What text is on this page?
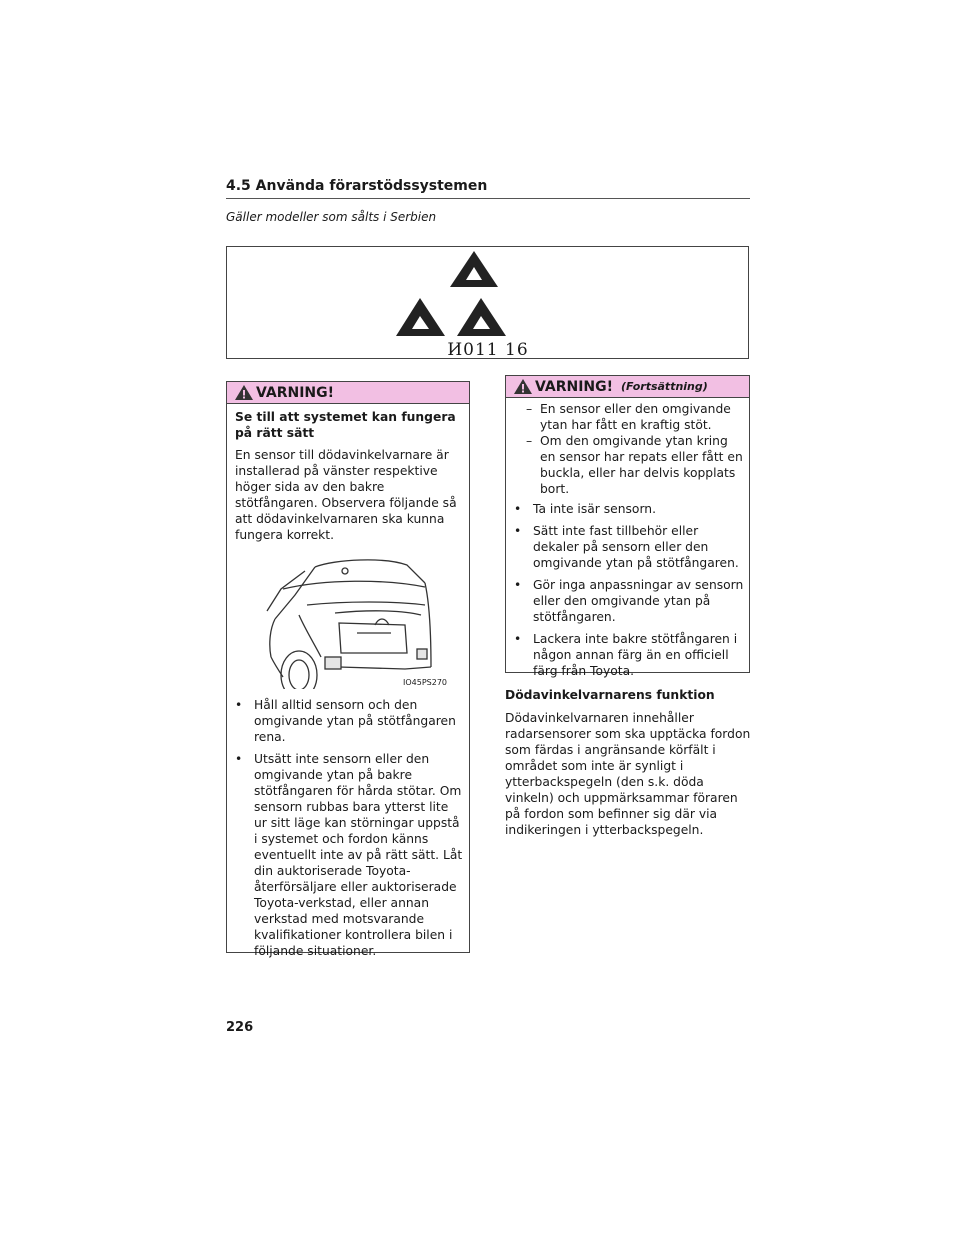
4.5 Använda förarstödssystemen
Gäller modeller som sålts i Serbien
И011 16
VARNING!

Se till att systemet kan fungera på rätt sätt

En sensor till dödavinkelvarnare är installerad på vänster respektive höger sida av den bakre stötfångaren. Observera följande så att dödavinkelvarnaren ska kunna fungera korrekt.

IO45PS270
• Håll alltid sensorn och den omgivande ytan på stötfångaren rena.
• Utsätt inte sensorn eller den omgivande ytan på bakre stötfångaren för hårda stötar. Om sensorn rubbas bara ytterst lite ur sitt läge kan störningar uppstå i systemet och fordon känns eventuellt inte av på rätt sätt. Låt din auktoriserade Toyota-återförsäljare eller auktoriserade Toyota-verkstad, eller annan verkstad med motsvarande kvalifikationer kontrollera bilen i följande situationer.
VARNING! (Fortsättning)
– En sensor eller den omgivande ytan har fått en kraftig stöt.
– Om den omgivande ytan kring en sensor har repats eller fått en buckla, eller har delvis kopplats bort.
• Ta inte isär sensorn.
• Sätt inte fast tillbehör eller dekaler på sensorn eller den omgivande ytan på stötfångaren.
• Gör inga anpassningar av sensorn eller den omgivande ytan på stötfångaren.
• Lackera inte bakre stötfångaren i någon annan färg än en officiell färg från Toyota.

Dödavinkelvarnarens funktion

Dödavinkelvarnaren innehåller radarsensorer som ska upptäcka fordon som färdas i angränsande körfält i området som inte är synligt i ytterbackspegeln (den s.k. döda vinkeln) och uppmärksammar föraren på fordon som befinner sig där via indikeringen i ytterbackspegeln.

226
